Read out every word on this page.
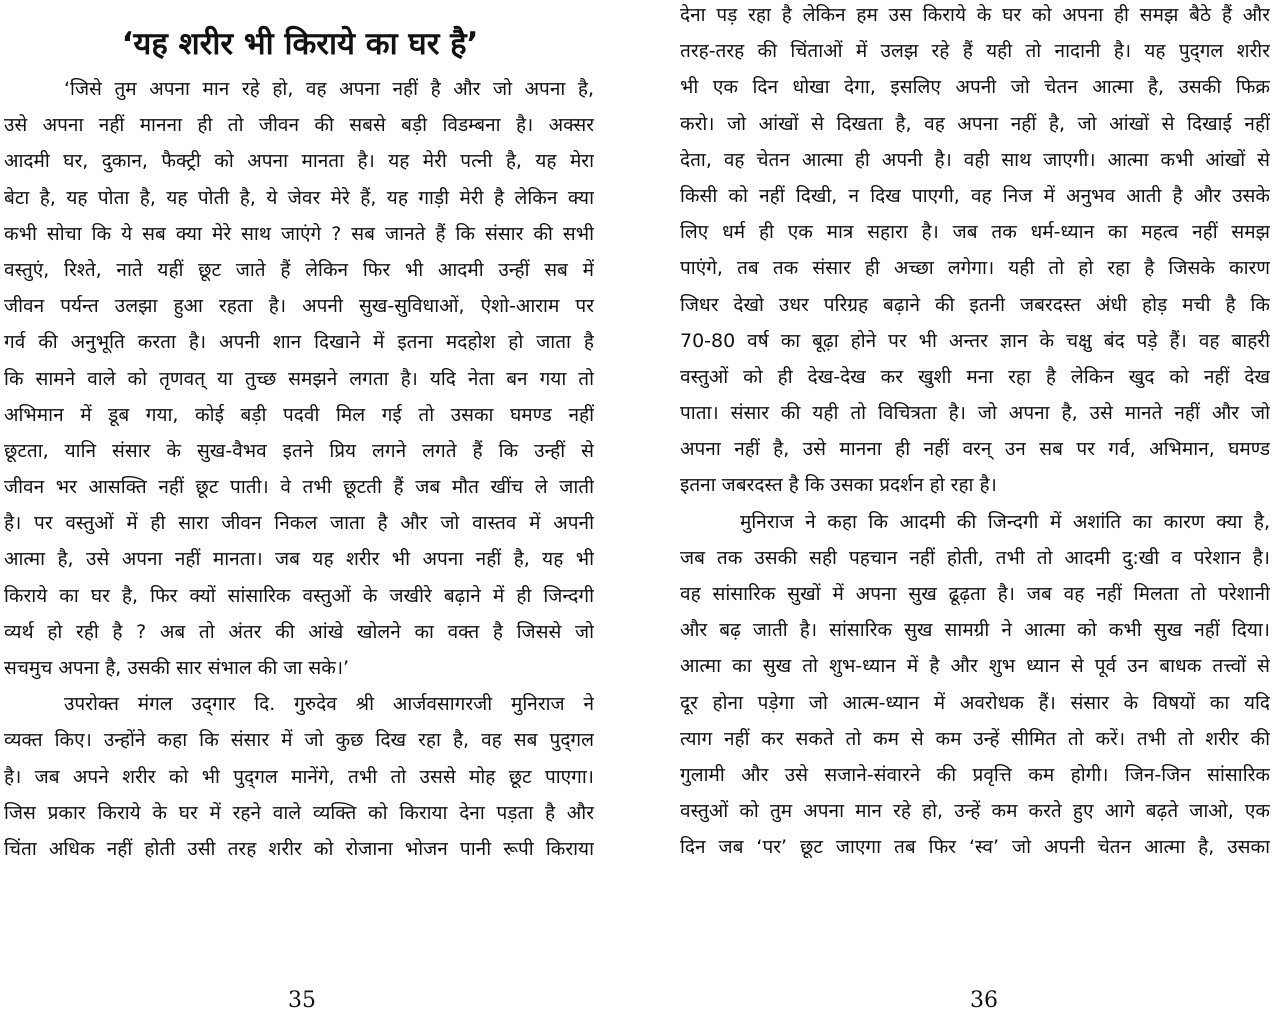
‘यह शरीर भी किराये का घर है’
‘जिसे तुम अपना मान रहे हो, वह अपना नहीं है और जो अपना है,
उसे अपना नहीं मानना ही तो जीवन की सबसे बड़ी विडम्बना है। अक्सर
आदमी घर, दुकान, फैक्ट्री को अपना मानता है। यह मेरी पत्नी है, यह मेरा
बेटा है, यह पोता है, यह पोती है, ये जेवर मेरे हैं, यह गाड़ी मेरी है लेकिन क्या
कभी सोचा कि ये सब क्या मेरे साथ जाएंगे ? सब जानते हैं कि संसार की सभी
वस्तुएं, रिश्ते, नाते यहीं छूट जाते हैं लेकिन फिर भी आदमी उन्हीं सब में
जीवन पर्यन्त उलझा हुआ रहता है। अपनी सुख-सुविधाओं, ऐशो-आराम पर
गर्व की अनुभूति करता है। अपनी शान दिखाने में इतना मदहोश हो जाता है
कि सामने वाले को तृणवत् या तुच्छ समझने लगता है। यदि नेता बन गया तो
अभिमान में डूब गया, कोई बड़ी पदवी मिल गई तो उसका घमण्ड नहीं
छूटता, यानि संसार के सुख-वैभव इतने प्रिय लगने लगते हैं कि उन्हीं से
जीवन भर आसक्ति नहीं छूट पाती। वे तभी छूटती हैं जब मौत खींच ले जाती
है। पर वस्तुओं में ही सारा जीवन निकल जाता है और जो वास्तव में अपनी
आत्मा है, उसे अपना नहीं मानता। जब यह शरीर भी अपना नहीं है, यह भी
किराये का घर है, फिर क्यों सांसारिक वस्तुओं के जखीरे बढ़ाने में ही जिन्दगी
व्यर्थ हो रही है ? अब तो अंतर की आंखे खोलने का वक्त है जिससे जो
सचमुच अपना है, उसकी सार संभाल की जा सके।’
उपरोक्त मंगल उद्‌गार दि. गुरुदेव श्री आर्जवसागरजी मुनिराज ने
व्यक्त किए। उन्होंने कहा कि संसार में जो कुछ दिख रहा है, वह सब पुद्‌गल
है। जब अपने शरीर को भी पुद्‌गल मानेंगे, तभी तो उससे मोह छूट पाएगा।
जिस प्रकार किराये के घर में रहने वाले व्यक्ति को किराया देना पड़ता है और
चिंता अधिक नहीं होती उसी तरह शरीर को रोजाना भोजन पानी रूपी किराया
35
देना पड़ रहा है लेकिन हम उस किराये के घर को अपना ही समझ बैठे हैं और
तरह-तरह की चिंताओं में उलझ रहे हैं यही तो नादानी है। यह पुद्‌गल शरीर
भी एक दिन धोखा देगा, इसलिए अपनी जो चेतन आत्मा है, उसकी फिक्र
करो। जो आंखों से दिखता है, वह अपना नहीं है, जो आंखों से दिखाई नहीं
देता, वह चेतन आत्मा ही अपनी है। वही साथ जाएगी। आत्मा कभी आंखों से
किसी को नहीं दिखी, न दिख पाएगी, वह निज में अनुभव आती है और उसके
लिए धर्म ही एक मात्र सहारा है। जब तक धर्म-ध्यान का महत्व नहीं समझ
पाएंगे, तब तक संसार ही अच्छा लगेगा। यही तो हो रहा है जिसके कारण
जिधर देखो उधर परिग्रह बढ़ाने की इतनी जबरदस्त अंधी होड़ मची है कि
70-80 वर्ष का बूढ़ा होने पर भी अन्तर ज्ञान के चक्षु बंद पड़े हैं। वह बाहरी
वस्तुओं को ही देख-देख कर खुशी मना रहा है लेकिन खुद को नहीं देख
पाता। संसार की यही तो विचित्रता है। जो अपना है, उसे मानते नहीं और जो
अपना नहीं है, उसे मानना ही नहीं वरन् उन सब पर गर्व, अभिमान, घमण्ड
इतना जबरदस्त है कि उसका प्रदर्शन हो रहा है।
मुनिराज ने कहा कि आदमी की जिन्दगी में अशांति का कारण क्या है,
जब तक उसकी सही पहचान नहीं होती, तभी तो आदमी दु:खी व परेशान है।
वह सांसारिक सुखों में अपना सुख ढूढ़ता है। जब वह नहीं मिलता तो परेशानी
और बढ़ जाती है। सांसारिक सुख सामग्री ने आत्मा को कभी सुख नहीं दिया।
आत्मा का सुख तो शुभ-ध्यान में है और शुभ ध्यान से पूर्व उन बाधक तत्त्वों से
दूर होना पड़ेगा जो आत्म-ध्यान में अवरोधक हैं। संसार के विषयों का यदि
त्याग नहीं कर सकते तो कम से कम उन्हें सीमित तो करें। तभी तो शरीर की
गुलामी और उसे सजाने-संवारने की प्रवृत्ति कम होगी। जिन-जिन सांसारिक
वस्तुओं को तुम अपना मान रहे हो, उन्हें कम करते हुए आगे बढ़ते जाओ, एक
दिन जब ‘पर’ छूट जाएगा तब फिर ‘स्व’ जो अपनी चेतन आत्मा है, उसका
36
